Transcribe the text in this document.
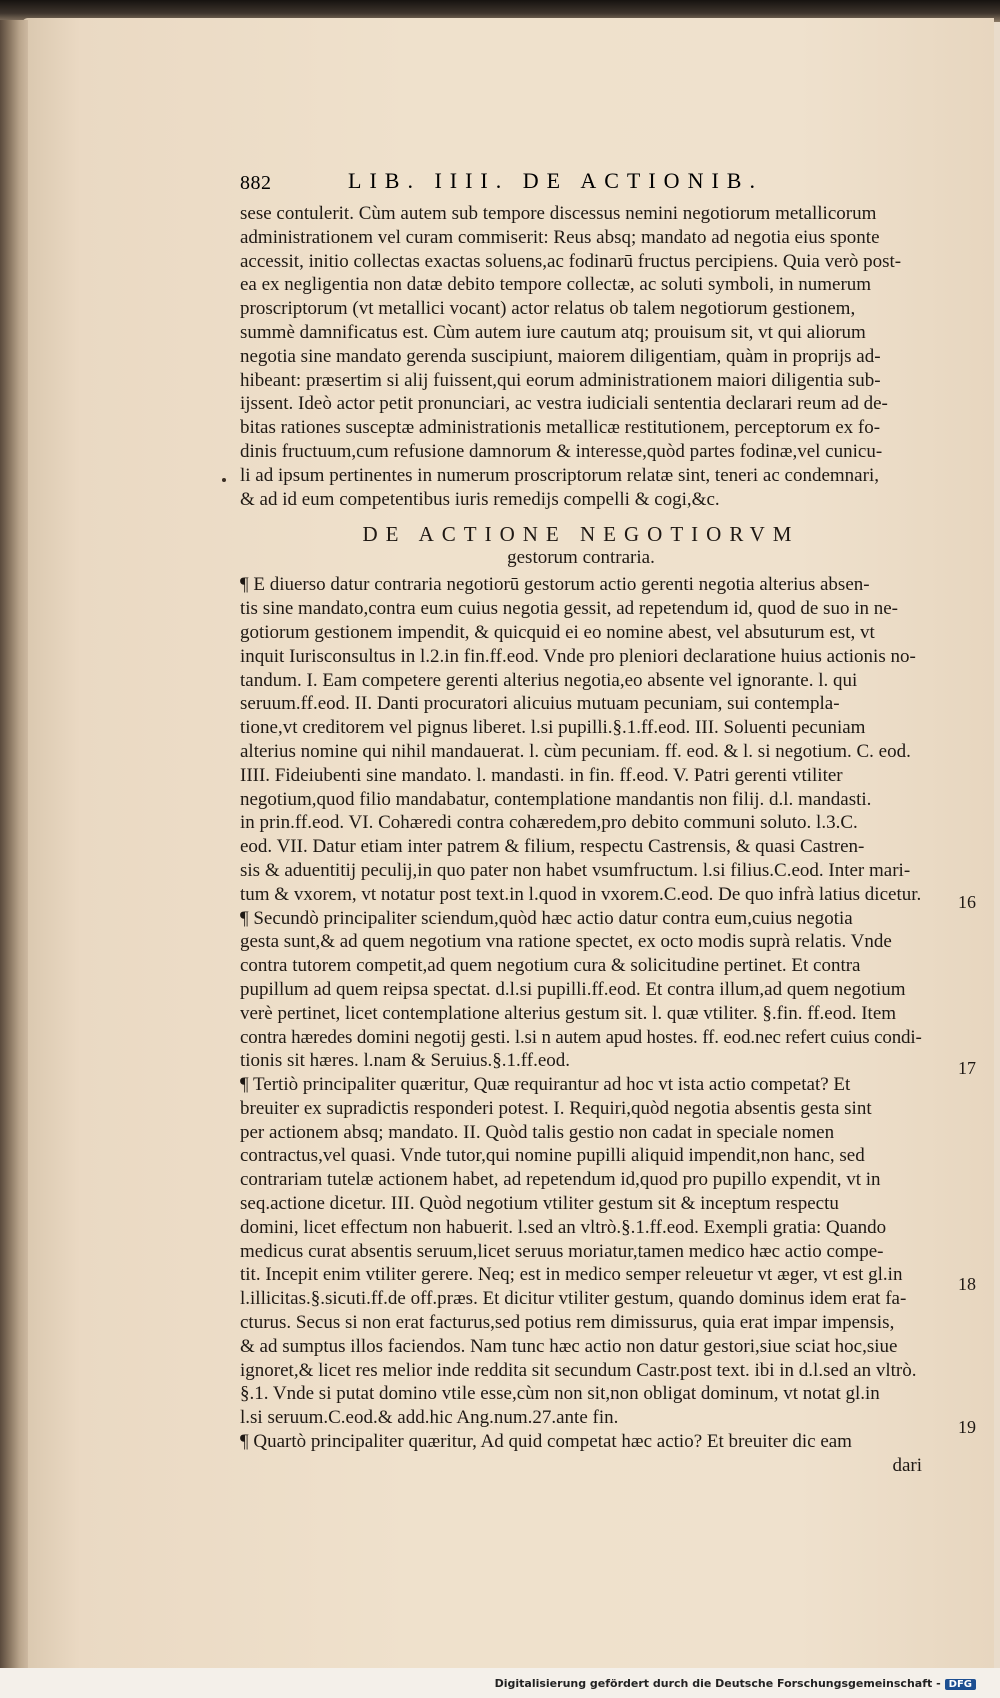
882	LIB. IIII. DE ACTIONIB.
sese contulerit. Cùm autem sub tempore discessus nemini negotiorum metallicorum
administrationem vel curam commiserit: Reus absq; mandato ad negotia eius sponte
accessit, initio collectas exactas soluens,ac fodinarū fructus percipiens. Quia verò post-
ea ex negligentia non datæ debito tempore collectæ, ac soluti symboli, in numerum
proscriptorum (vt metallici vocant) actor relatus ob talem negotiorum gestionem,
summè damnificatus est. Cùm autem iure cautum atq; prouisum sit, vt qui aliorum
negotia sine mandato gerenda suscipiunt, maiorem diligentiam, quàm in proprijs ad-
hibeant: præsertim si alij fuissent,qui eorum administrationem maiori diligentia sub-
ijssent. Ideò actor petit pronunciari, ac vestra iudiciali sententia declarari reum ad de-
bitas rationes susceptæ administrationis metallicæ restitutionem, perceptorum ex fo-
dinis fructuum,cum refusione damnorum & interesse,quòd partes fodinæ,vel cunicu-
li ad ipsum pertinentes in numerum proscriptorum relatæ sint, teneri ac condemnari,
& ad id eum competentibus iuris remedijs compelli & cogi,&c.
DE ACTIONE NEGOTIORVM
gestorum contraria.
¶ E diuerso datur contraria negotiorū gestorum actio gerenti negotia alterius absen-
tis sine mandato,contra eum cuius negotia gessit, ad repetendum id, quod de suo in ne-
gotiorum gestionem impendit, & quicquid ei eo nomine abest, vel absuturum est, vt
inquit Iurisconsultus in l.2.in fin.ff.eod. Vnde pro pleniori declaratione huius actionis no-
tandum. I. Eam competere gerenti alterius negotia,eo absente vel ignorante. l. qui
seruum.ff.eod. II. Danti procuratori alicuius mutuam pecuniam, sui contempla-
tione,vt creditorem vel pignus liberet. l.si pupilli.§.1.ff.eod. III. Soluenti pecuniam
alterius nomine qui nihil mandauerat. l. cùm pecuniam. ff. eod. & l. si negotium. C. eod.
IIII. Fideiubenti sine mandato. l. mandasti. in fin. ff.eod. V. Patri gerenti vtiliter
negotium,quod filio mandabatur, contemplatione mandantis non filij. d.l. mandasti.
in prin.ff.eod. VI. Cohæredi contra cohæredem,pro debito communi soluto. l.3.C.
eod. VII. Datur etiam inter patrem & filium, respectu Castrensis, & quasi Castren-
sis & aduentitij peculij,in quo pater non habet vsumfructum. l.si filius.C.eod. Inter mari-
tum & vxorem, vt notatur post text.in l.quod in vxorem.C.eod. De quo infrà latius dicetur.
¶ Secundò principaliter sciendum,quòd hæc actio datur contra eum,cuius negotia
gesta sunt,& ad quem negotium vna ratione spectet, ex octo modis suprà relatis. Vnde
contra tutorem competit,ad quem negotium cura & solicitudine pertinet. Et contra
pupillum ad quem reipsa spectat. d.l.si pupilli.ff.eod. Et contra illum,ad quem negotium
verè pertinet, licet contemplatione alterius gestum sit. l. quæ vtiliter. §.fin. ff.eod. Item
contra hæredes domini negotij gesti. l.si n autem apud hostes. ff. eod.nec refert cuius condi-
tionis sit hæres. l.nam & Seruius.§.1.ff.eod.
¶ Tertiò principaliter quæritur, Quæ requirantur ad hoc vt ista actio competat? Et
breuiter ex supradictis responderi potest. I. Requiri,quòd negotia absentis gesta sint
per actionem absq; mandato. II. Quòd talis gestio non cadat in speciale nomen
contractus,vel quasi. Vnde tutor,qui nomine pupilli aliquid impendit,non hanc, sed
contrariam tutelæ actionem habet, ad repetendum id,quod pro pupillo expendit, vt in
seq.actione dicetur. III. Quòd negotium vtiliter gestum sit & inceptum respectu
domini, licet effectum non habuerit. l.sed an vltrò.§.1.ff.eod. Exempli gratia: Quando
medicus curat absentis seruum,licet seruus moriatur,tamen medico hæc actio compe-
tit. Incepit enim vtiliter gerere. Neq; est in medico semper releuetur vt æger, vt est gl.in
l.illicitas.§.sicuti.ff.de off.præs. Et dicitur vtiliter gestum, quando dominus idem erat fa-
cturus. Secus si non erat facturus,sed potius rem dimissurus, quia erat impar impensis,
& ad sumptus illos faciendos. Nam tunc hæc actio non datur gestori,siue sciat hoc,siue
ignoret,& licet res melior inde reddita sit secundum Castr.post text. ibi in d.l.sed an vltrò.
§.1. Vnde si putat domino vtile esse,cùm non sit,non obligat dominum, vt notat gl.in
l.si seruum.C.eod.& add.hic Ang.num.27.ante fin.
¶ Quartò principaliter quæritur, Ad quid competat hæc actio? Et breuiter dic eam
dari
16
17
18
19
Digitalisierung gefördert durch die Deutsche Forschungsgemeinschaft - DFG
